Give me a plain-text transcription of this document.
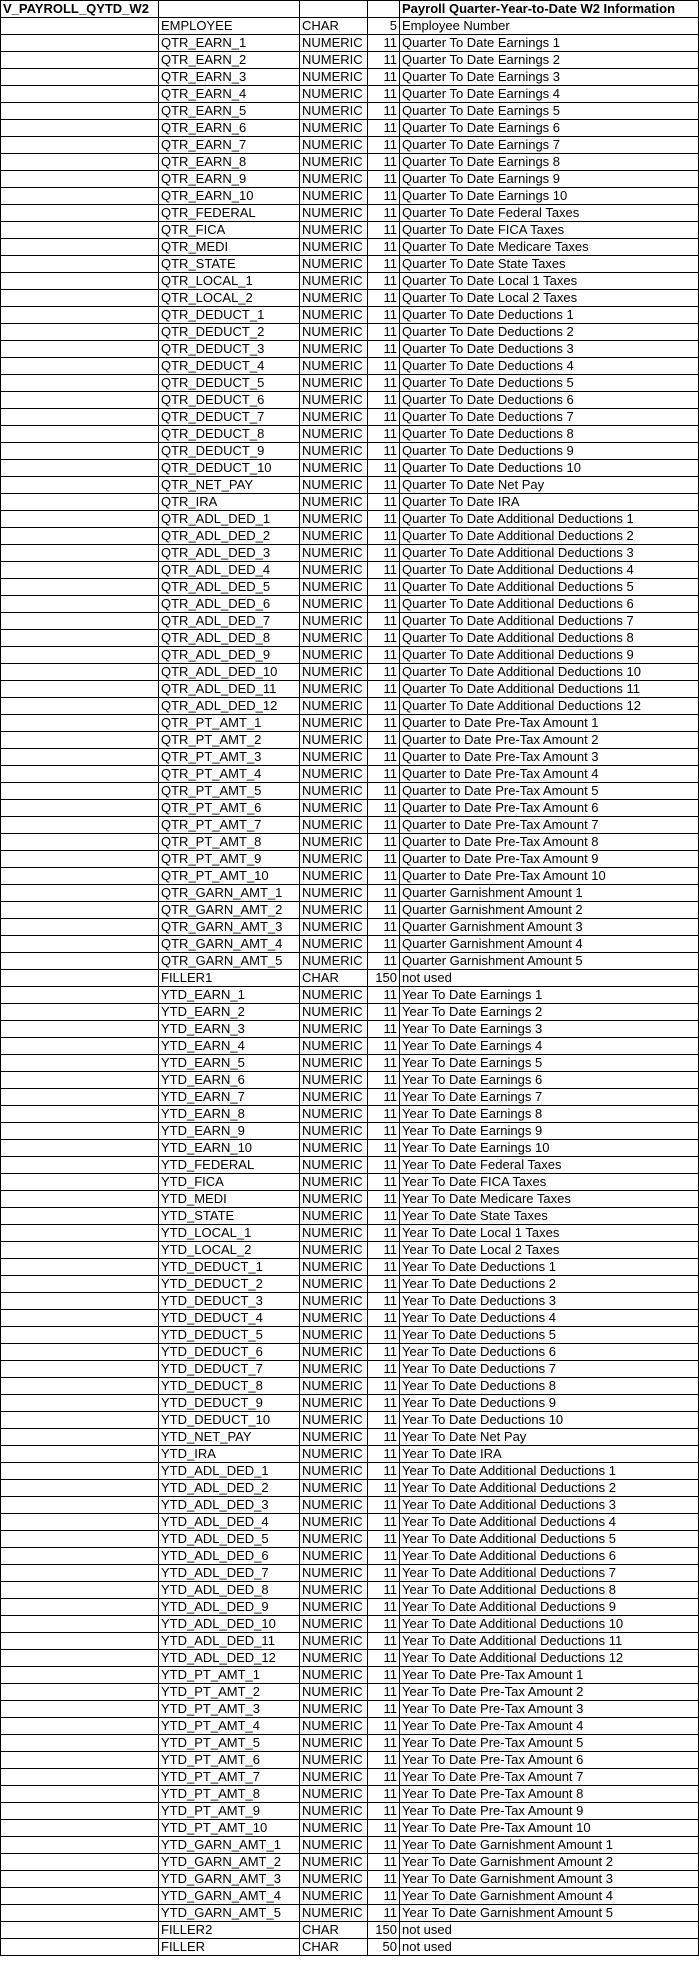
V_PAYROLL_QYTD_W2				Payroll Quarter-Year-to-Date W2 Information
	EMPLOYEE	CHAR	5	Employee Number
	QTR_EARN_1	NUMERIC	11	Quarter To Date Earnings 1
	QTR_EARN_2	NUMERIC	11	Quarter To Date Earnings 2
	QTR_EARN_3	NUMERIC	11	Quarter To Date Earnings 3
	QTR_EARN_4	NUMERIC	11	Quarter To Date Earnings 4
	QTR_EARN_5	NUMERIC	11	Quarter To Date Earnings 5
	QTR_EARN_6	NUMERIC	11	Quarter To Date Earnings 6
	QTR_EARN_7	NUMERIC	11	Quarter To Date Earnings 7
	QTR_EARN_8	NUMERIC	11	Quarter To Date Earnings 8
	QTR_EARN_9	NUMERIC	11	Quarter To Date Earnings 9
	QTR_EARN_10	NUMERIC	11	Quarter To Date Earnings 10
	QTR_FEDERAL	NUMERIC	11	Quarter To Date Federal Taxes
	QTR_FICA	NUMERIC	11	Quarter To Date FICA Taxes
	QTR_MEDI	NUMERIC	11	Quarter To Date Medicare Taxes
	QTR_STATE	NUMERIC	11	Quarter To Date State Taxes
	QTR_LOCAL_1	NUMERIC	11	Quarter To Date Local 1 Taxes
	QTR_LOCAL_2	NUMERIC	11	Quarter To Date Local 2 Taxes
	QTR_DEDUCT_1	NUMERIC	11	Quarter To Date Deductions 1
	QTR_DEDUCT_2	NUMERIC	11	Quarter To Date Deductions 2
	QTR_DEDUCT_3	NUMERIC	11	Quarter To Date Deductions 3
	QTR_DEDUCT_4	NUMERIC	11	Quarter To Date Deductions 4
	QTR_DEDUCT_5	NUMERIC	11	Quarter To Date Deductions 5
	QTR_DEDUCT_6	NUMERIC	11	Quarter To Date Deductions 6
	QTR_DEDUCT_7	NUMERIC	11	Quarter To Date Deductions 7
	QTR_DEDUCT_8	NUMERIC	11	Quarter To Date Deductions 8
	QTR_DEDUCT_9	NUMERIC	11	Quarter To Date Deductions 9
	QTR_DEDUCT_10	NUMERIC	11	Quarter To Date Deductions 10
	QTR_NET_PAY	NUMERIC	11	Quarter To Date Net Pay
	QTR_IRA	NUMERIC	11	Quarter To Date IRA
	QTR_ADL_DED_1	NUMERIC	11	Quarter To Date Additional Deductions 1
	QTR_ADL_DED_2	NUMERIC	11	Quarter To Date Additional Deductions 2
	QTR_ADL_DED_3	NUMERIC	11	Quarter To Date Additional Deductions 3
	QTR_ADL_DED_4	NUMERIC	11	Quarter To Date Additional Deductions 4
	QTR_ADL_DED_5	NUMERIC	11	Quarter To Date Additional Deductions 5
	QTR_ADL_DED_6	NUMERIC	11	Quarter To Date Additional Deductions 6
	QTR_ADL_DED_7	NUMERIC	11	Quarter To Date Additional Deductions 7
	QTR_ADL_DED_8	NUMERIC	11	Quarter To Date Additional Deductions 8
	QTR_ADL_DED_9	NUMERIC	11	Quarter To Date Additional Deductions 9
	QTR_ADL_DED_10	NUMERIC	11	Quarter To Date Additional Deductions 10
	QTR_ADL_DED_11	NUMERIC	11	Quarter To Date Additional Deductions 11
	QTR_ADL_DED_12	NUMERIC	11	Quarter To Date Additional Deductions 12
	QTR_PT_AMT_1	NUMERIC	11	Quarter to Date Pre-Tax Amount 1
	QTR_PT_AMT_2	NUMERIC	11	Quarter to Date Pre-Tax Amount 2
	QTR_PT_AMT_3	NUMERIC	11	Quarter to Date Pre-Tax Amount 3
	QTR_PT_AMT_4	NUMERIC	11	Quarter to Date Pre-Tax Amount 4
	QTR_PT_AMT_5	NUMERIC	11	Quarter to Date Pre-Tax Amount 5
	QTR_PT_AMT_6	NUMERIC	11	Quarter to Date Pre-Tax Amount 6
	QTR_PT_AMT_7	NUMERIC	11	Quarter to Date Pre-Tax Amount 7
	QTR_PT_AMT_8	NUMERIC	11	Quarter to Date Pre-Tax Amount 8
	QTR_PT_AMT_9	NUMERIC	11	Quarter to Date Pre-Tax Amount 9
	QTR_PT_AMT_10	NUMERIC	11	Quarter to Date Pre-Tax Amount 10
	QTR_GARN_AMT_1	NUMERIC	11	Quarter Garnishment Amount 1
	QTR_GARN_AMT_2	NUMERIC	11	Quarter Garnishment Amount 2
	QTR_GARN_AMT_3	NUMERIC	11	Quarter Garnishment Amount 3
	QTR_GARN_AMT_4	NUMERIC	11	Quarter Garnishment Amount 4
	QTR_GARN_AMT_5	NUMERIC	11	Quarter Garnishment Amount 5
	FILLER1	CHAR	150	not used
	YTD_EARN_1	NUMERIC	11	Year To Date Earnings 1
	YTD_EARN_2	NUMERIC	11	Year To Date Earnings 2
	YTD_EARN_3	NUMERIC	11	Year To Date Earnings 3
	YTD_EARN_4	NUMERIC	11	Year To Date Earnings 4
	YTD_EARN_5	NUMERIC	11	Year To Date Earnings 5
	YTD_EARN_6	NUMERIC	11	Year To Date Earnings 6
	YTD_EARN_7	NUMERIC	11	Year To Date Earnings 7
	YTD_EARN_8	NUMERIC	11	Year To Date Earnings 8
	YTD_EARN_9	NUMERIC	11	Year To Date Earnings 9
	YTD_EARN_10	NUMERIC	11	Year To Date Earnings 10
	YTD_FEDERAL	NUMERIC	11	Year To Date Federal Taxes
	YTD_FICA	NUMERIC	11	Year To Date FICA Taxes
	YTD_MEDI	NUMERIC	11	Year To Date Medicare Taxes
	YTD_STATE	NUMERIC	11	Year To Date State Taxes
	YTD_LOCAL_1	NUMERIC	11	Year To Date Local 1 Taxes
	YTD_LOCAL_2	NUMERIC	11	Year To Date Local 2 Taxes
	YTD_DEDUCT_1	NUMERIC	11	Year To Date Deductions 1
	YTD_DEDUCT_2	NUMERIC	11	Year To Date Deductions 2
	YTD_DEDUCT_3	NUMERIC	11	Year To Date Deductions 3
	YTD_DEDUCT_4	NUMERIC	11	Year To Date Deductions 4
	YTD_DEDUCT_5	NUMERIC	11	Year To Date Deductions 5
	YTD_DEDUCT_6	NUMERIC	11	Year To Date Deductions 6
	YTD_DEDUCT_7	NUMERIC	11	Year To Date Deductions 7
	YTD_DEDUCT_8	NUMERIC	11	Year To Date Deductions 8
	YTD_DEDUCT_9	NUMERIC	11	Year To Date Deductions 9
	YTD_DEDUCT_10	NUMERIC	11	Year To Date Deductions 10
	YTD_NET_PAY	NUMERIC	11	Year To Date Net Pay
	YTD_IRA	NUMERIC	11	Year To Date IRA
	YTD_ADL_DED_1	NUMERIC	11	Year To Date Additional Deductions 1
	YTD_ADL_DED_2	NUMERIC	11	Year To Date Additional Deductions 2
	YTD_ADL_DED_3	NUMERIC	11	Year To Date Additional Deductions 3
	YTD_ADL_DED_4	NUMERIC	11	Year To Date Additional Deductions 4
	YTD_ADL_DED_5	NUMERIC	11	Year To Date Additional Deductions 5
	YTD_ADL_DED_6	NUMERIC	11	Year To Date Additional Deductions 6
	YTD_ADL_DED_7	NUMERIC	11	Year To Date Additional Deductions 7
	YTD_ADL_DED_8	NUMERIC	11	Year To Date Additional Deductions 8
	YTD_ADL_DED_9	NUMERIC	11	Year To Date Additional Deductions 9
	YTD_ADL_DED_10	NUMERIC	11	Year To Date Additional Deductions 10
	YTD_ADL_DED_11	NUMERIC	11	Year To Date Additional Deductions 11
	YTD_ADL_DED_12	NUMERIC	11	Year To Date Additional Deductions 12
	YTD_PT_AMT_1	NUMERIC	11	Year To Date Pre-Tax Amount 1
	YTD_PT_AMT_2	NUMERIC	11	Year To Date Pre-Tax Amount 2
	YTD_PT_AMT_3	NUMERIC	11	Year To Date Pre-Tax Amount 3
	YTD_PT_AMT_4	NUMERIC	11	Year To Date Pre-Tax Amount 4
	YTD_PT_AMT_5	NUMERIC	11	Year To Date Pre-Tax Amount 5
	YTD_PT_AMT_6	NUMERIC	11	Year To Date Pre-Tax Amount 6
	YTD_PT_AMT_7	NUMERIC	11	Year To Date Pre-Tax Amount 7
	YTD_PT_AMT_8	NUMERIC	11	Year To Date Pre-Tax Amount 8
	YTD_PT_AMT_9	NUMERIC	11	Year To Date Pre-Tax Amount 9
	YTD_PT_AMT_10	NUMERIC	11	Year To Date Pre-Tax Amount 10
	YTD_GARN_AMT_1	NUMERIC	11	Year To Date Garnishment Amount 1
	YTD_GARN_AMT_2	NUMERIC	11	Year To Date Garnishment Amount 2
	YTD_GARN_AMT_3	NUMERIC	11	Year To Date Garnishment Amount 3
	YTD_GARN_AMT_4	NUMERIC	11	Year To Date Garnishment Amount 4
	YTD_GARN_AMT_5	NUMERIC	11	Year To Date Garnishment Amount 5
	FILLER2	CHAR	150	not used
	FILLER	CHAR	50	not used
